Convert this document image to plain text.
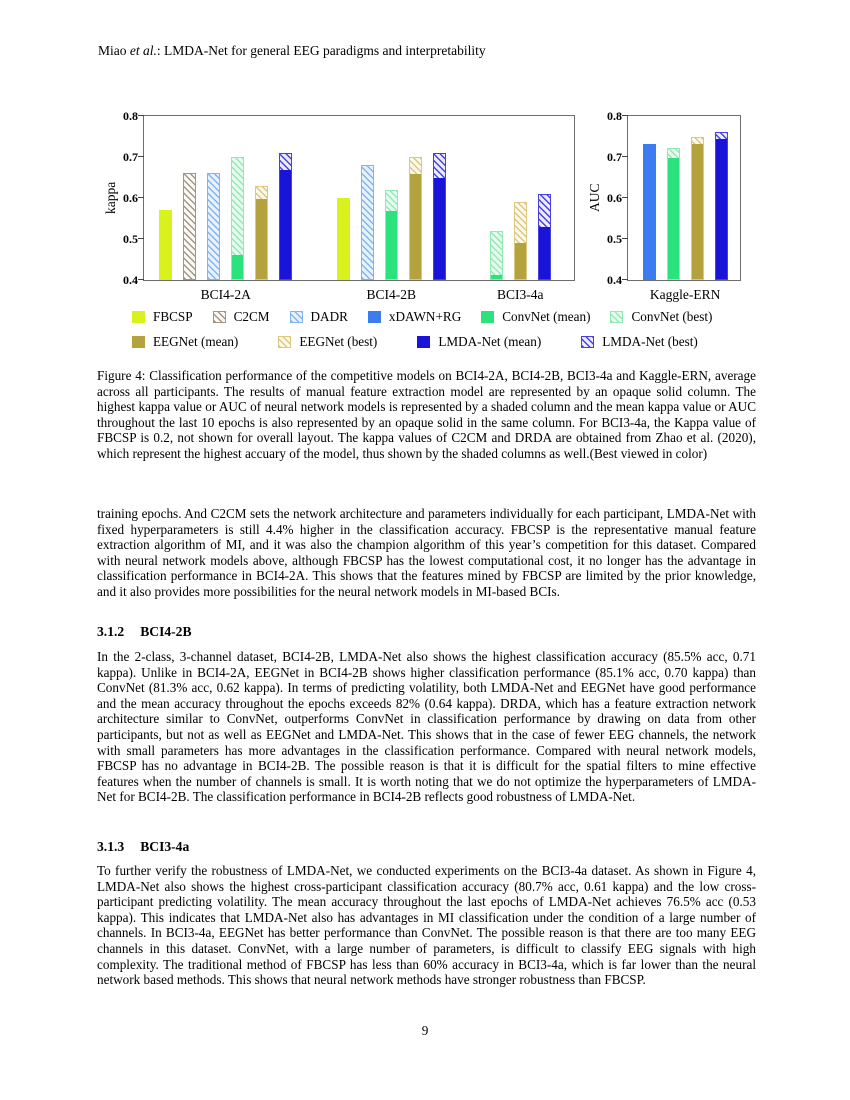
Miao et al.: LMDA-Net for general EEG paradigms and interpretability
kappa
0.4
0.5
0.6
0.7
0.8
BCI4-2A	BCI4-2B	BCI3-4a
AUC
0.4
0.5
0.6
0.7
0.8
Kaggle-ERN
FBCSP	C2CM	DADR	xDAWN+RG	ConvNet (mean)	ConvNet (best)
EEGNet (mean)	EEGNet (best)	LMDA-Net (mean)	LMDA-Net (best)
Figure 4: Classification performance of the competitive models on BCI4-2A, BCI4-2B, BCI3-4a and Kaggle-ERN, average across all participants. The results of manual feature extraction model are represented by an opaque solid column. The highest kappa value or AUC of neural network models is represented by a shaded column and the mean kappa value or AUC throughout the last 10 epochs is also represented by an opaque solid in the same column. For BCI3-4a, the Kappa value of FBCSP is 0.2, not shown for overall layout. The kappa values of C2CM and DRDA are obtained from Zhao et al. (2020), which represent the highest accuary of the model, thus shown by the shaded columns as well.(Best viewed in color)
training epochs. And C2CM sets the network architecture and parameters individually for each participant, LMDA-Net with fixed hyperparameters is still 4.4% higher in the classification accuracy. FBCSP is the representative manual feature extraction algorithm of MI, and it was also the champion algorithm of this year’s competition for this dataset. Compared with neural network models above, although FBCSP has the lowest computational cost, it no longer has the advantage in classification performance in BCI4-2A. This shows that the features mined by FBCSP are limited by the prior knowledge, and it also provides more possibilities for the neural network models in MI-based BCIs.
3.1.2 BCI4-2B
In the 2-class, 3-channel dataset, BCI4-2B, LMDA-Net also shows the highest classification accuracy (85.5% acc, 0.71 kappa). Unlike in BCI4-2A, EEGNet in BCI4-2B shows higher classification performance (85.1% acc, 0.70 kappa) than ConvNet (81.3% acc, 0.62 kappa). In terms of predicting volatility, both LMDA-Net and EEGNet have good performance and the mean accuracy throughout the epochs exceeds 82% (0.64 kappa). DRDA, which has a feature extraction network architecture similar to ConvNet, outperforms ConvNet in classification performance by drawing on data from other participants, but not as well as EEGNet and LMDA-Net. This shows that in the case of fewer EEG channels, the network with small parameters has more advantages in the classification performance. Compared with neural network models, FBCSP has no advantage in BCI4-2B. The possible reason is that it is difficult for the spatial filters to mine effective features when the number of channels is small. It is worth noting that we do not optimize the hyperparameters of LMDA-Net for BCI4-2B. The classification performance in BCI4-2B reflects good robustness of LMDA-Net.
3.1.3 BCI3-4a
To further verify the robustness of LMDA-Net, we conducted experiments on the BCI3-4a dataset. As shown in Figure 4, LMDA-Net also shows the highest cross-participant classification accuracy (80.7% acc, 0.61 kappa) and the low cross-participant predicting volatility. The mean accuracy throughout the last epochs of LMDA-Net achieves 76.5% acc (0.53 kappa). This indicates that LMDA-Net also has advantages in MI classification under the condition of a large number of channels. In BCI3-4a, EEGNet has better performance than ConvNet. The possible reason is that there are too many EEG channels in this dataset. ConvNet, with a large number of parameters, is difficult to classify EEG signals with high complexity. The traditional method of FBCSP has less than 60% accuracy in BCI3-4a, which is far lower than the neural network based methods. This shows that neural network methods have stronger robustness than FBCSP.
9
